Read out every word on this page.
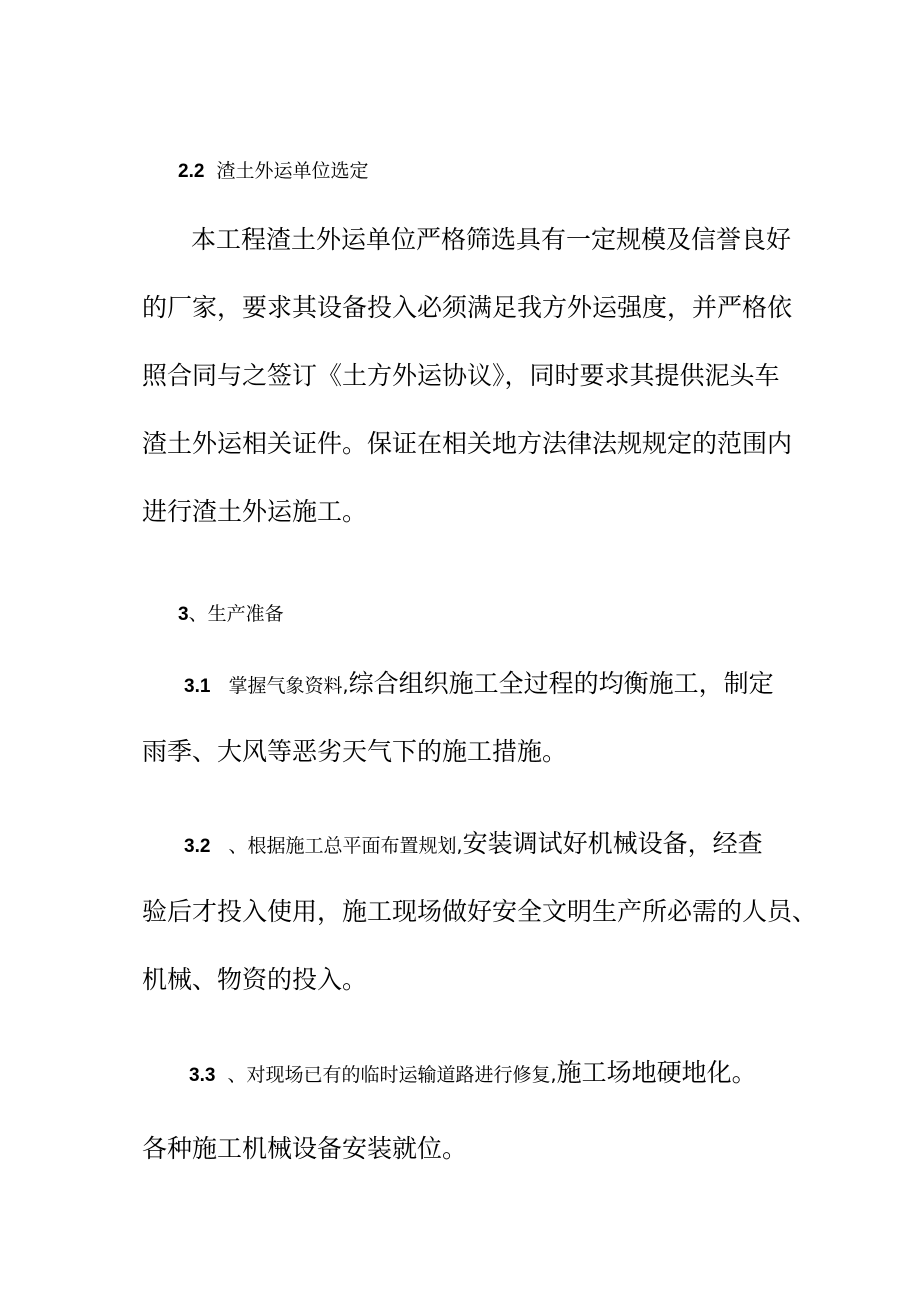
2.2 渣土外运单位选定

本工程渣土外运单位严格筛选具有一定规模及信誉良好

的厂家，要求其设备投入必须满足我方外运强度，并严格依

照合同与之签订《土方外运协议》，同时要求其提供泥头车

渣土外运相关证件。保证在相关地方法律法规规定的范围内

进行渣土外运施工。

3、生产准备

3.1 掌握气象资料,综合组织施工全过程的均衡施工，制定

雨季、大风等恶劣天气下的施工措施。

3.2 、根据施工总平面布置规划,安装调试好机械设备，经查

验后才投入使用，施工现场做好安全文明生产所必需的人员、

机械、物资的投入。

3.3 、对现场已有的临时运输道路进行修复,施工场地硬地化。

各种施工机械设备安装就位。
